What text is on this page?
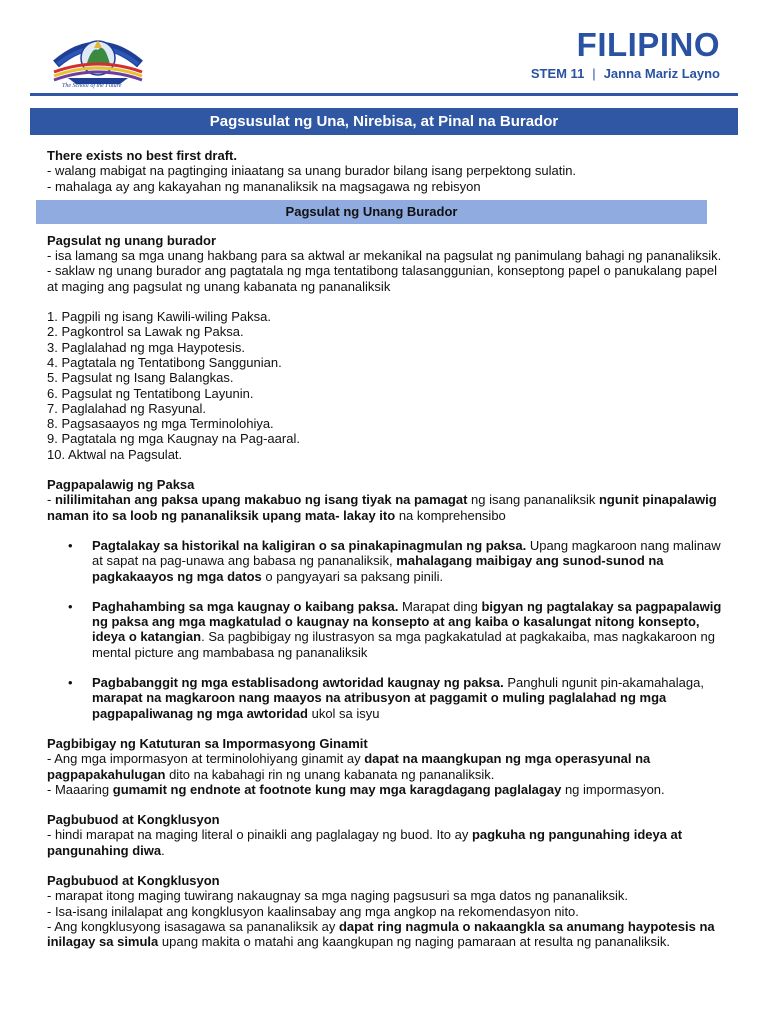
The School of the Future
FILIPINO
STEM 11 | Janna Mariz Layno
Pagsusulat ng Una, Nirebisa, at Pinal na Burador

There exists no best first draft.

- walang mabigat na pagtinging iniaatang sa unang burador bilang isang perpektong sulatin.

- mahalaga ay ang kakayahan ng mananaliksik na magsagawa ng rebisyon

Pagsulat ng Unang Burador

Pagsulat ng unang burador

- isa lamang sa mga unang hakbang para sa aktwal ar mekanikal na pagsulat ng panimulang bahagi ng pananaliksik.

- saklaw ng unang burador ang pagtatala ng mga tentatibong talasanggunian, konseptong papel o panukalang papel at maging ang pagsulat ng unang kabanata ng pananaliksik

1. Pagpili ng isang Kawili-wiling Paksa.
2. Pagkontrol sa Lawak ng Paksa.
3. Paglalahad ng mga Haypotesis.
4. Pagtatala ng Tentatibong Sanggunian.
5. Pagsulat ng Isang Balangkas.
6. Pagsulat ng Tentatibong Layunin.
7. Paglalahad ng Rasyunal.
8. Pagsasaayos ng mga Terminolohiya.
9. Pagtatala ng mga Kaugnay na Pag-aaral.
10. Aktwal na Pagsulat.

Pagpapalawig ng Paksa

- nililimitahan ang paksa upang makabuo ng isang tiyak na pamagat ng isang pananaliksik ngunit pinapalawig naman ito sa loob ng pananaliksik upang mata- lakay ito na komprehensibo

• Pagtalakay sa historikal na kaligiran o sa pinakapinagmulan ng paksa. Upang magkaroon nang malinaw at sapat na pag-unawa ang babasa ng pananaliksik, mahalagang maibigay ang sunod-sunod na pagkakaayos ng mga datos o pangyayari sa paksang pinili.
• Paghahambing sa mga kaugnay o kaibang paksa. Marapat ding bigyan ng pagtalakay sa pagpapalawig ng paksa ang mga magkatulad o kaugnay na konsepto at ang kaiba o kasalungat nitong konsepto, ideya o katangian. Sa pagbibigay ng ilustrasyon sa mga pagkakatulad at pagkakaiba, mas nagkakaroon ng mental picture ang mambabasa ng pananaliksik
• Pagbabanggit ng mga establisadong awtoridad kaugnay ng paksa. Panghuli ngunit pin-akamahalaga, marapat na magkaroon nang maayos na atribusyon at paggamit o muling paglalahad ng mga pagpapaliwanag ng mga awtoridad ukol sa isyu

Pagbibigay ng Katuturan sa Impormasyong Ginamit

- Ang mga impormasyon at terminolohiyang ginamit ay dapat na maangkupan ng mga operasyunal na pagpapakahulugan dito na kabahagi rin ng unang kabanata ng pananaliksik.

- Maaaring gumamit ng endnote at footnote kung may mga karagdagang paglalagay ng impormasyon.

Pagbubuod at Kongklusyon

- hindi marapat na maging literal o pinaikli ang paglalagay ng buod. Ito ay pagkuha ng pangunahing ideya at pangunahing diwa.

Pagbubuod at Kongklusyon

- marapat itong maging tuwirang nakaugnay sa mga naging pagsusuri sa mga datos ng pananaliksik.

- Isa-isang inilalapat ang kongklusyon kaalinsabay ang mga angkop na rekomendasyon nito.

- Ang kongklusyong isasagawa sa pananaliksik ay dapat ring nagmula o nakaangkla sa anumang haypotesis na inilagay sa simula upang makita o matahi ang kaangkupan ng naging pamaraan at resulta ng pananaliksik.
